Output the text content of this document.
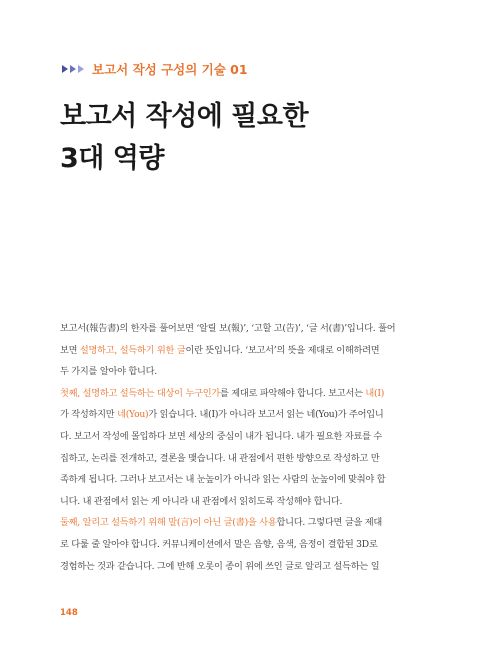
보고서 작성 구성의 기술 01
보고서 작성에 필요한
3대 역량

보고서(報告書)의 한자를 풀어보면 ‘알릴 보(報)’, ‘고할 고(告)’, ‘글 서(書)’입니다. 풀어
보면 설명하고, 설득하기 위한 글이란 뜻입니다. ‘보고서’의 뜻을 제대로 이해하려면
두 가지를 알아야 합니다.

첫째, 설명하고 설득하는 대상이 누구인가를 제대로 파악해야 합니다. 보고서는 내(I)
가 작성하지만 네(You)가 읽습니다. 내(I)가 아니라 보고서 읽는 네(You)가 주어입니
다. 보고서 작성에 몰입하다 보면 세상의 중심이 내가 됩니다. 내가 필요한 자료를 수
집하고, 논리를 전개하고, 결론을 맺습니다. 내 관점에서 편한 방향으로 작성하고 만
족하게 됩니다. 그러나 보고서는 내 눈높이가 아니라 읽는 사람의 눈높이에 맞춰야 합
니다. 내 관점에서 읽는 게 아니라 내 관점에서 읽히도록 작성해야 합니다.

둘째, 알리고 설득하기 위해 말(言)이 아닌 글(書)을 사용합니다. 그렇다면 글을 제대
로 다룰 줄 알아야 합니다. 커뮤니케이션에서 말은 음향, 음색, 음정이 결합된 3D로
경험하는 것과 같습니다. 그에 반해 오롯이 종이 위에 쓰인 글로 알리고 설득하는 일

148
